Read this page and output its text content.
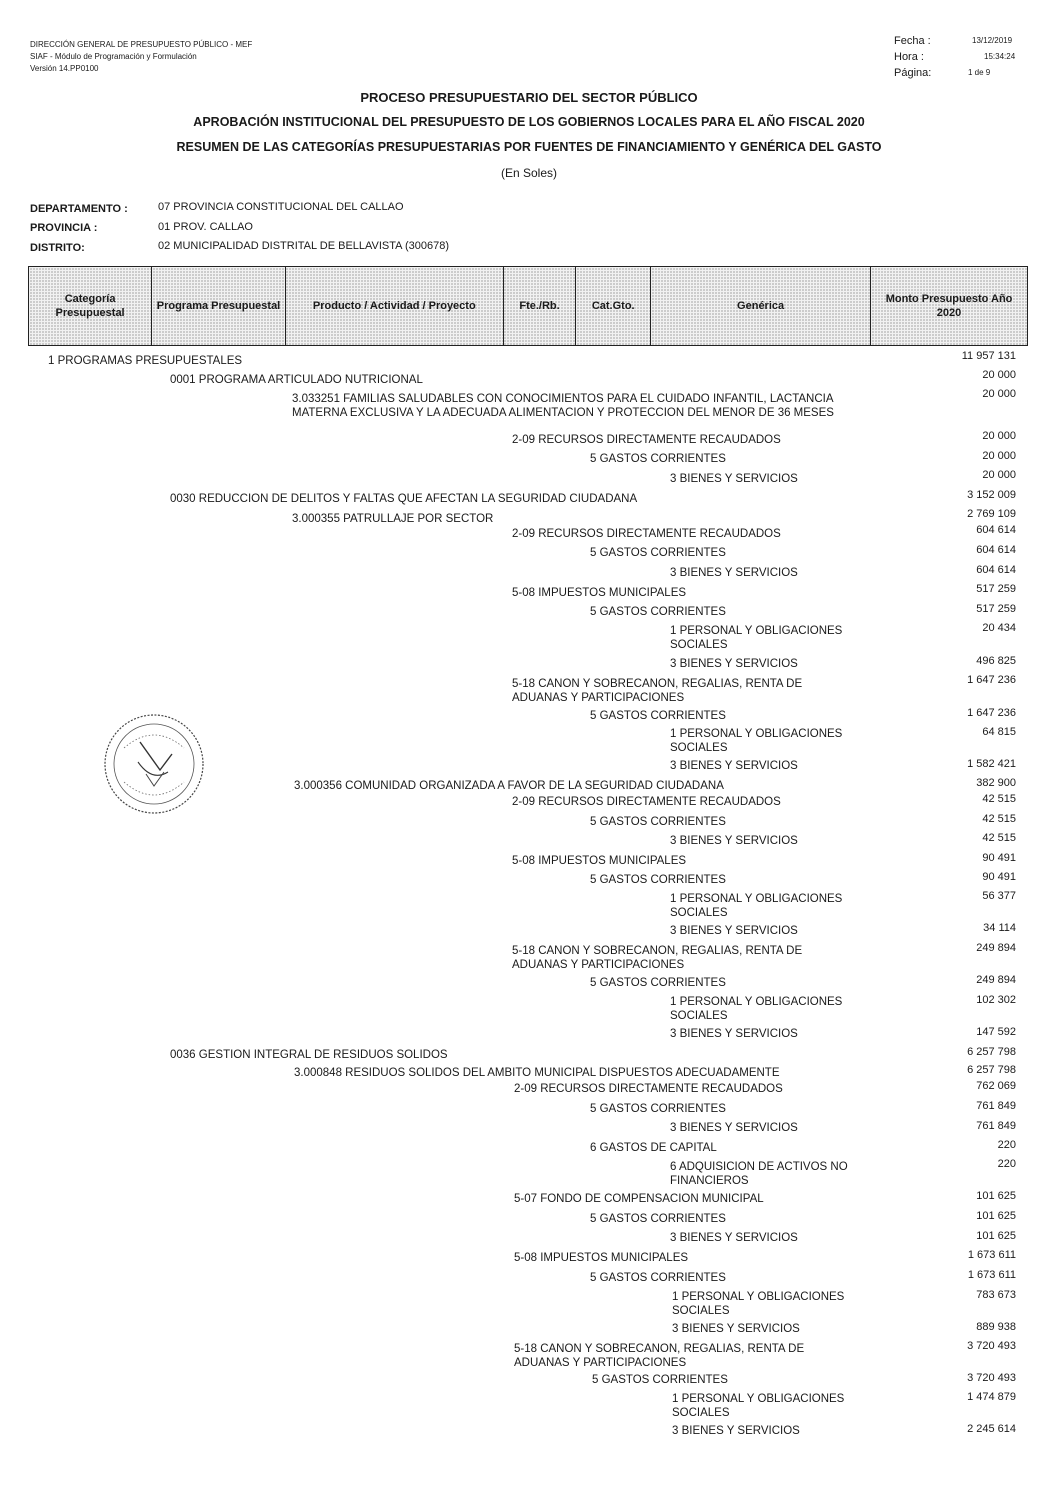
DIRECCIÓN GENERAL DE PRESUPUESTO PÚBLICO - MEF
SIAF - Módulo de Programación y Formulación
Versión 14.PP0100
Fecha :	13/12/2019
Hora :	15:34:24
Página:	1 de 9
PROCESO PRESUPUESTARIO DEL SECTOR PÚBLICO
APROBACIÓN INSTITUCIONAL DEL PRESUPUESTO DE LOS GOBIERNOS LOCALES PARA EL AÑO FISCAL 2020
RESUMEN DE LAS CATEGORÍAS PRESUPUESTARIAS POR FUENTES DE FINANCIAMIENTO Y GENÉRICA DEL GASTO
(En Soles)
DEPARTAMENTO :	07 PROVINCIA CONSTITUCIONAL DEL CALLAO
PROVINCIA :	01 PROV. CALLAO
DISTRITO:	02 MUNICIPALIDAD DISTRITAL DE BELLAVISTA (300678)
Categoría Presupuestal	Programa Presupuestal	Producto / Actividad / Proyecto	Fte./Rb.	Cat.Gto.	Genérica	Monto Presupuesto Año 2020
1 PROGRAMAS PRESUPUESTALES	11 957 131
0001 PROGRAMA ARTICULADO NUTRICIONAL	20 000
3.033251 FAMILIAS SALUDABLES CON CONOCIMIENTOS PARA EL CUIDADO INFANTIL, LACTANCIA MATERNA EXCLUSIVA Y LA ADECUADA ALIMENTACION Y PROTECCION DEL MENOR DE 36 MESES
20 000
2-09 RECURSOS DIRECTAMENTE RECAUDADOS	20 000
5 GASTOS CORRIENTES	20 000
3 BIENES Y SERVICIOS	20 000
0030 REDUCCION DE DELITOS Y FALTAS QUE AFECTAN LA SEGURIDAD CIUDADANA	3 152 009
3.000355 PATRULLAJE POR SECTOR	2 769 109
2-09 RECURSOS DIRECTAMENTE RECAUDADOS	604 614
5 GASTOS CORRIENTES	604 614
3 BIENES Y SERVICIOS	604 614
5-08 IMPUESTOS MUNICIPALES	517 259
5 GASTOS CORRIENTES	517 259
1 PERSONAL Y OBLIGACIONES SOCIALES
20 434
3 BIENES Y SERVICIOS	496 825
5-18 CANON Y SOBRECANON, REGALIAS, RENTA DE ADUANAS Y PARTICIPACIONES
1 647 236
5 GASTOS CORRIENTES	1 647 236
1 PERSONAL Y OBLIGACIONES SOCIALES
64 815
3 BIENES Y SERVICIOS	1 582 421
3.000356 COMUNIDAD ORGANIZADA A FAVOR DE LA SEGURIDAD CIUDADANA	382 900
2-09 RECURSOS DIRECTAMENTE RECAUDADOS	42 515
5 GASTOS CORRIENTES	42 515
3 BIENES Y SERVICIOS	42 515
5-08 IMPUESTOS MUNICIPALES	90 491
5 GASTOS CORRIENTES	90 491
1 PERSONAL Y OBLIGACIONES SOCIALES
56 377
3 BIENES Y SERVICIOS	34 114
5-18 CANON Y SOBRECANON, REGALIAS, RENTA DE ADUANAS Y PARTICIPACIONES
249 894
5 GASTOS CORRIENTES	249 894
1 PERSONAL Y OBLIGACIONES SOCIALES
102 302
3 BIENES Y SERVICIOS	147 592
0036 GESTION INTEGRAL DE RESIDUOS SOLIDOS	6 257 798
3.000848 RESIDUOS SOLIDOS DEL AMBITO MUNICIPAL DISPUESTOS ADECUADAMENTE	6 257 798
2-09 RECURSOS DIRECTAMENTE RECAUDADOS	762 069
5 GASTOS CORRIENTES	761 849
3 BIENES Y SERVICIOS	761 849
6 GASTOS DE CAPITAL	220
6 ADQUISICION DE ACTIVOS NO FINANCIEROS
220
5-07 FONDO DE COMPENSACION MUNICIPAL	101 625
5 GASTOS CORRIENTES	101 625
3 BIENES Y SERVICIOS	101 625
5-08 IMPUESTOS MUNICIPALES	1 673 611
5 GASTOS CORRIENTES	1 673 611
1 PERSONAL Y OBLIGACIONES SOCIALES
783 673
3 BIENES Y SERVICIOS	889 938
5-18 CANON Y SOBRECANON, REGALIAS, RENTA DE ADUANAS Y PARTICIPACIONES
3 720 493
5 GASTOS CORRIENTES	3 720 493
1 PERSONAL Y OBLIGACIONES SOCIALES
1 474 879
3 BIENES Y SERVICIOS	2 245 614
